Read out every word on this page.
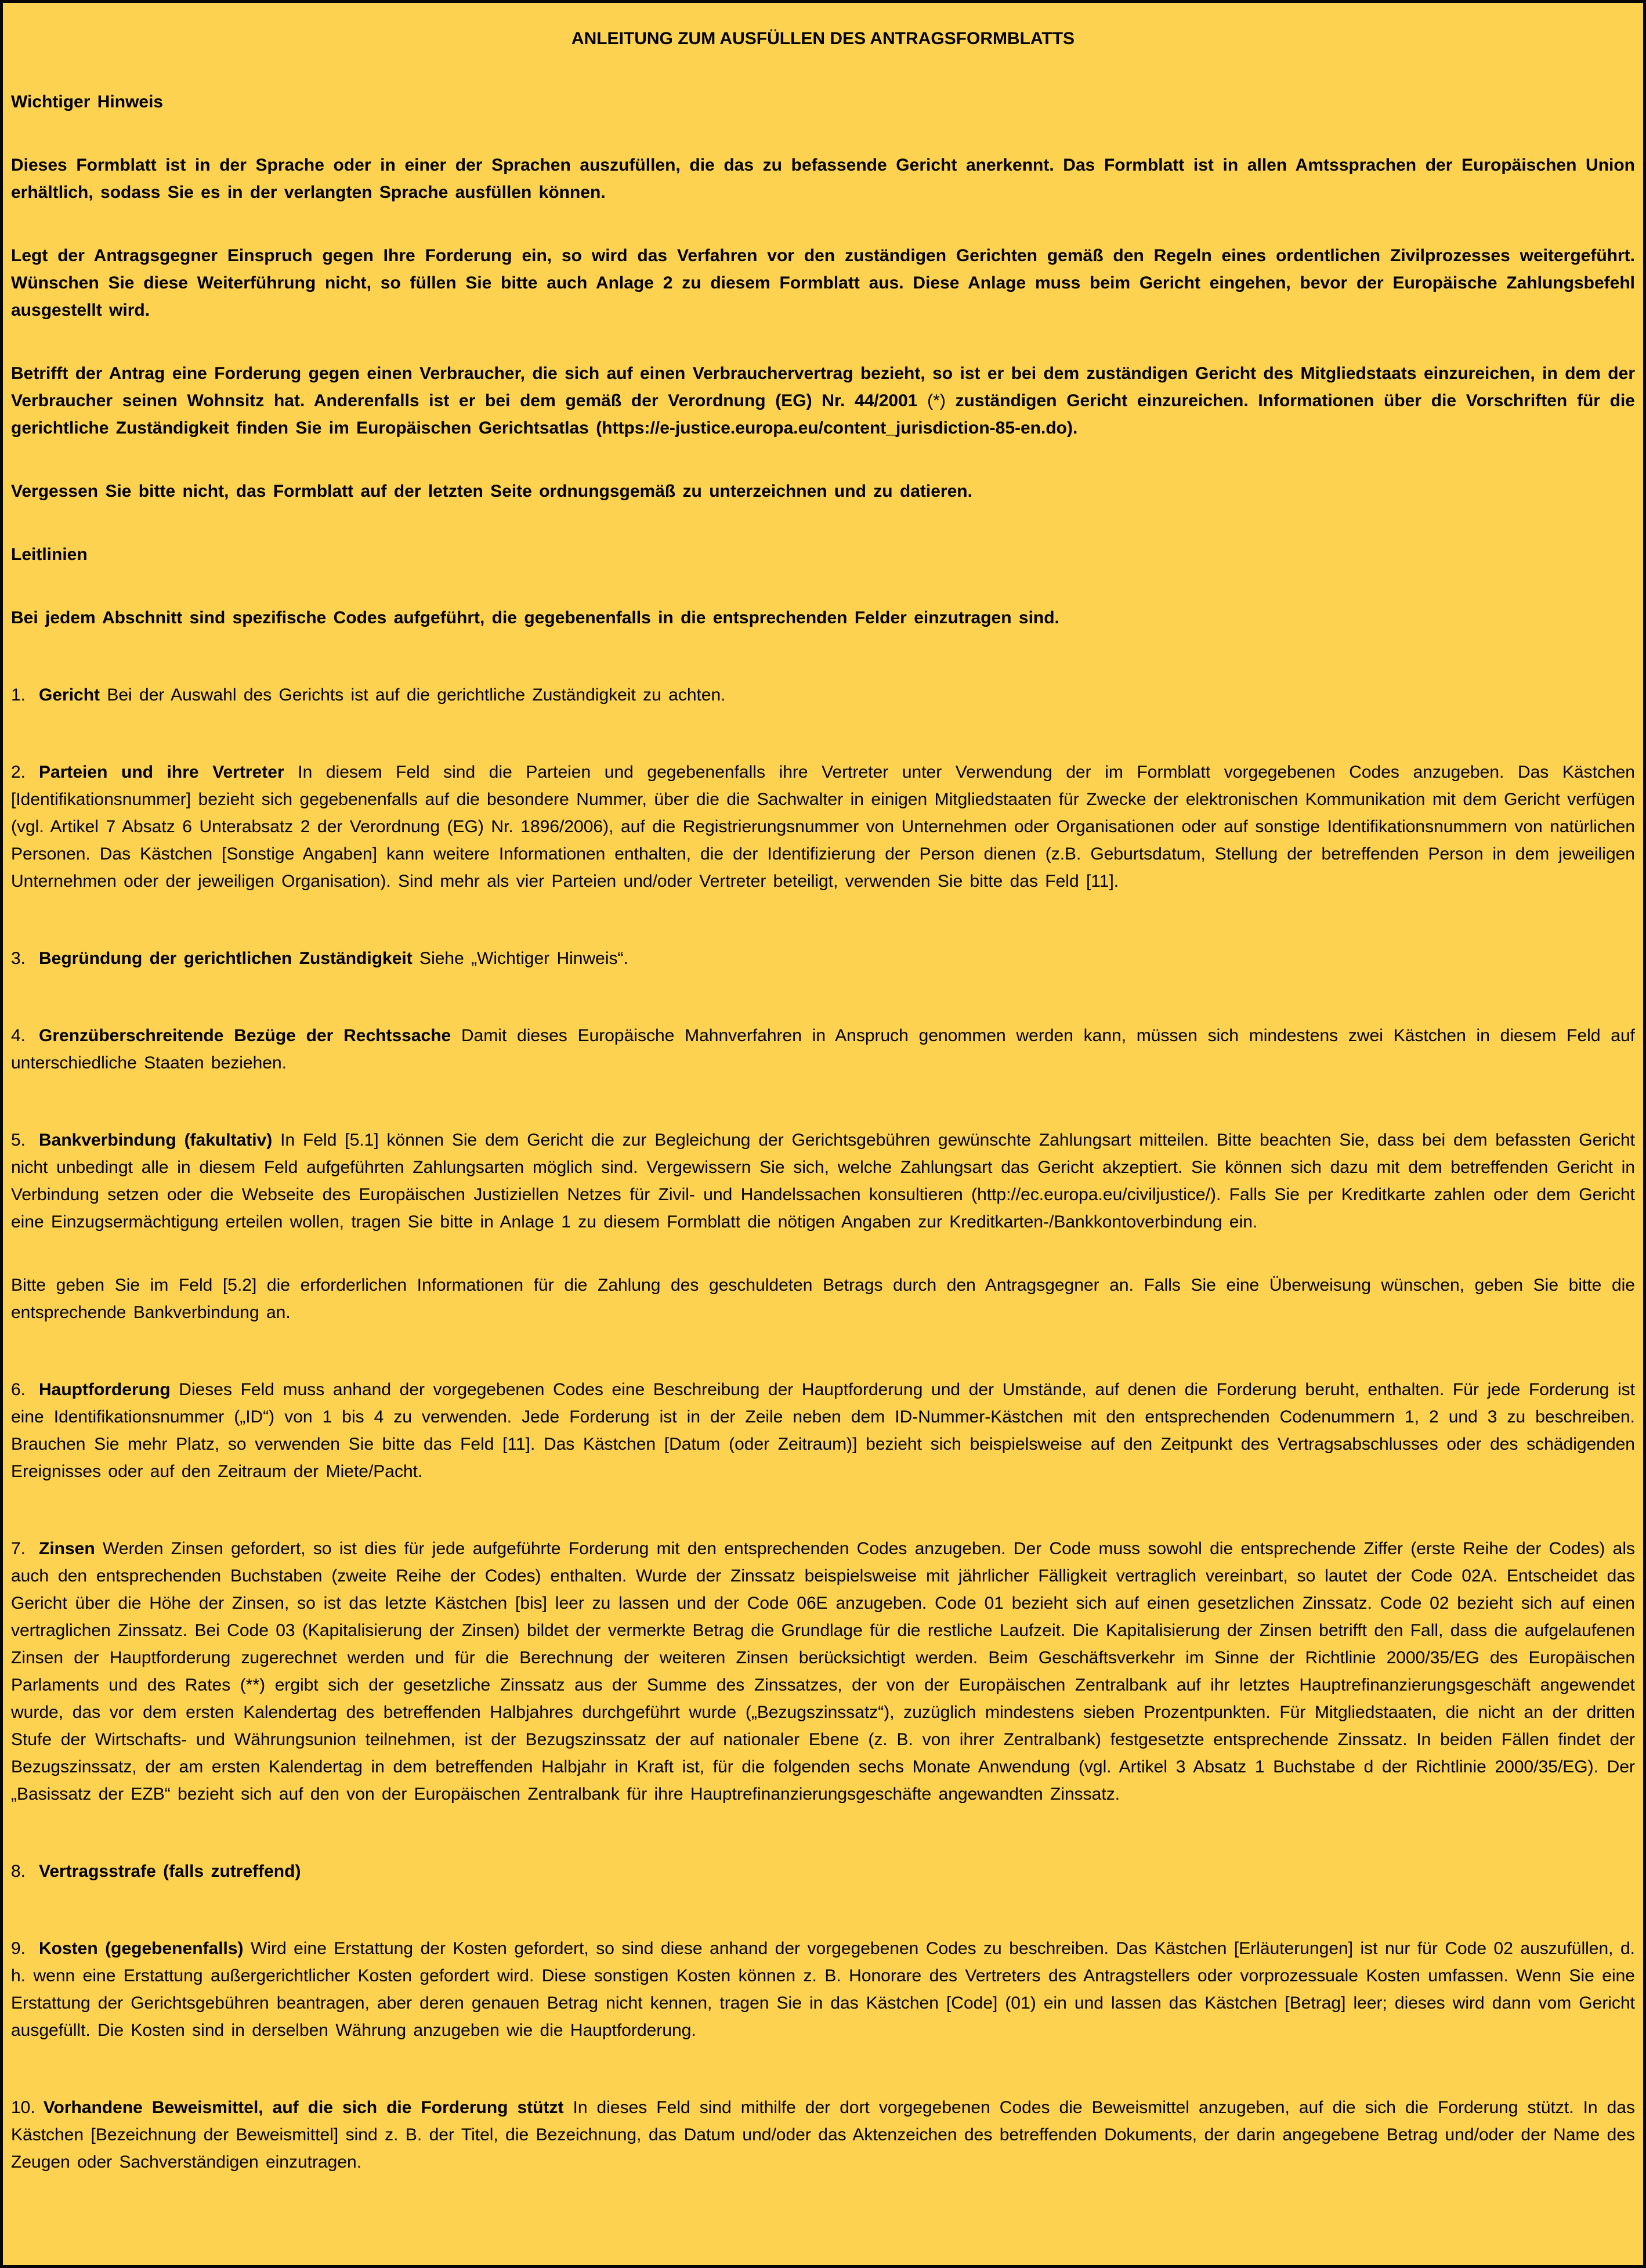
ANLEITUNG ZUM AUSFÜLLEN DES ANTRAGSFORMBLATTS

Wichtiger Hinweis

Dieses Formblatt ist in der Sprache oder in einer der Sprachen auszufüllen, die das zu befassende Gericht anerkennt. Das Formblatt ist in allen Amtssprachen der Europäischen Union erhältlich, sodass Sie es in der verlangten Sprache ausfüllen können.

Legt der Antragsgegner Einspruch gegen Ihre Forderung ein, so wird das Verfahren vor den zuständigen Gerichten gemäß den Regeln eines ordentlichen Zivilprozesses weitergeführt. Wünschen Sie diese Weiterführung nicht, so füllen Sie bitte auch Anlage 2 zu diesem Formblatt aus. Diese Anlage muss beim Gericht eingehen, bevor der Europäische Zahlungsbefehl ausgestellt wird.

Betrifft der Antrag eine Forderung gegen einen Verbraucher, die sich auf einen Verbrauchervertrag bezieht, so ist er bei dem zuständigen Gericht des Mitgliedstaats einzureichen, in dem der Verbraucher seinen Wohnsitz hat. Anderenfalls ist er bei dem gemäß der Verordnung (EG) Nr. 44/2001 (*) zuständigen Gericht einzureichen. Informationen über die Vorschriften für die gerichtliche Zuständigkeit finden Sie im Europäischen Gerichtsatlas (https://e-justice.europa.eu/content_jurisdiction-85-en.do).

Vergessen Sie bitte nicht, das Formblatt auf der letzten Seite ordnungsgemäß zu unterzeichnen und zu datieren.

Leitlinien

Bei jedem Abschnitt sind spezifische Codes aufgeführt, die gegebenenfalls in die entsprechenden Felder einzutragen sind.

1. Gericht Bei der Auswahl des Gerichts ist auf die gerichtliche Zuständigkeit zu achten.
2. Parteien und ihre Vertreter In diesem Feld sind die Parteien und gegebenenfalls ihre Vertreter unter Verwendung der im Formblatt vorgegebenen Codes anzugeben. Das Kästchen [Identifikationsnummer] bezieht sich gegebenenfalls auf die besondere Nummer, über die die Sachwalter in einigen Mitgliedstaaten für Zwecke der elektronischen Kommunikation mit dem Gericht verfügen (vgl. Artikel 7 Absatz 6 Unterabsatz 2 der Verordnung (EG) Nr. 1896/2006), auf die Registrierungsnummer von Unternehmen oder Organisationen oder auf sonstige Identifikationsnummern von natürlichen Personen. Das Kästchen [Sonstige Angaben] kann weitere Informationen enthalten, die der Identifizierung der Person dienen (z.B. Geburtsdatum, Stellung der betreffenden Person in dem jeweiligen Unternehmen oder der jeweiligen Organisation). Sind mehr als vier Parteien und/oder Vertreter beteiligt, verwenden Sie bitte das Feld [11].
3. Begründung der gerichtlichen Zuständigkeit Siehe „Wichtiger Hinweis“.
4. Grenzüberschreitende Bezüge der Rechtssache Damit dieses Europäische Mahnverfahren in Anspruch genommen werden kann, müssen sich mindestens zwei Kästchen in diesem Feld auf unterschiedliche Staaten beziehen.
5. Bankverbindung (fakultativ) In Feld [5.1] können Sie dem Gericht die zur Begleichung der Gerichtsgebühren gewünschte Zahlungsart mitteilen. Bitte beachten Sie, dass bei dem befassten Gericht nicht unbedingt alle in diesem Feld aufgeführten Zahlungsarten möglich sind. Vergewissern Sie sich, welche Zahlungsart das Gericht akzeptiert. Sie können sich dazu mit dem betreffenden Gericht in Verbindung setzen oder die Webseite des Europäischen Justiziellen Netzes für Zivil- und Handelssachen konsultieren (http://ec.europa.eu/civiljustice/). Falls Sie per Kreditkarte zahlen oder dem Gericht eine Einzugsermächtigung erteilen wollen, tragen Sie bitte in Anlage 1 zu diesem Formblatt die nötigen Angaben zur Kreditkarten-/Bankkontoverbindung ein.

Bitte geben Sie im Feld [5.2] die erforderlichen Informationen für die Zahlung des geschuldeten Betrags durch den Antragsgegner an. Falls Sie eine Überweisung wünschen, geben Sie bitte die entsprechende Bankverbindung an.

6. Hauptforderung Dieses Feld muss anhand der vorgegebenen Codes eine Beschreibung der Hauptforderung und der Umstände, auf denen die Forderung beruht, enthalten. Für jede Forderung ist eine Identifikationsnummer („ID“) von 1 bis 4 zu verwenden. Jede Forderung ist in der Zeile neben dem ID-Nummer-Kästchen mit den entsprechenden Codenummern 1, 2 und 3 zu beschreiben. Brauchen Sie mehr Platz, so verwenden Sie bitte das Feld [11]. Das Kästchen [Datum (oder Zeitraum)] bezieht sich beispielsweise auf den Zeitpunkt des Vertragsabschlusses oder des schädigenden Ereignisses oder auf den Zeitraum der Miete/Pacht.
7. Zinsen Werden Zinsen gefordert, so ist dies für jede aufgeführte Forderung mit den entsprechenden Codes anzugeben. Der Code muss sowohl die entsprechende Ziffer (erste Reihe der Codes) als auch den entsprechenden Buchstaben (zweite Reihe der Codes) enthalten. Wurde der Zinssatz beispielsweise mit jährlicher Fälligkeit vertraglich vereinbart, so lautet der Code 02A. Entscheidet das Gericht über die Höhe der Zinsen, so ist das letzte Kästchen [bis] leer zu lassen und der Code 06E anzugeben. Code 01 bezieht sich auf einen gesetzlichen Zinssatz. Code 02 bezieht sich auf einen vertraglichen Zinssatz. Bei Code 03 (Kapitalisierung der Zinsen) bildet der vermerkte Betrag die Grundlage für die restliche Laufzeit. Die Kapitalisierung der Zinsen betrifft den Fall, dass die aufgelaufenen Zinsen der Hauptforderung zugerechnet werden und für die Berechnung der weiteren Zinsen berücksichtigt werden. Beim Geschäftsverkehr im Sinne der Richtlinie 2000/35/EG des Europäischen Parlaments und des Rates (**) ergibt sich der gesetzliche Zinssatz aus der Summe des Zinssatzes, der von der Europäischen Zentralbank auf ihr letztes Hauptrefinanzierungsgeschäft angewendet wurde, das vor dem ersten Kalendertag des betreffenden Halbjahres durchgeführt wurde („Bezugszinssatz“), zuzüglich mindestens sieben Prozentpunkten. Für Mitgliedstaaten, die nicht an der dritten Stufe der Wirtschafts- und Währungsunion teilnehmen, ist der Bezugszinssatz der auf nationaler Ebene (z. B. von ihrer Zentralbank) festgesetzte entsprechende Zinssatz. In beiden Fällen findet der Bezugszinssatz, der am ersten Kalendertag in dem betreffenden Halbjahr in Kraft ist, für die folgenden sechs Monate Anwendung (vgl. Artikel 3 Absatz 1 Buchstabe d der Richtlinie 2000/35/EG). Der „Basissatz der EZB“ bezieht sich auf den von der Europäischen Zentralbank für ihre Hauptrefinanzierungsgeschäfte angewandten Zinssatz.
8. Vertragsstrafe (falls zutreffend)
9. Kosten (gegebenenfalls) Wird eine Erstattung der Kosten gefordert, so sind diese anhand der vorgegebenen Codes zu beschreiben. Das Kästchen [Erläuterungen] ist nur für Code 02 auszufüllen, d. h. wenn eine Erstattung außergerichtlicher Kosten gefordert wird. Diese sonstigen Kosten können z. B. Honorare des Vertreters des Antragstellers oder vorprozessuale Kosten umfassen. Wenn Sie eine Erstattung der Gerichtsgebühren beantragen, aber deren genauen Betrag nicht kennen, tragen Sie in das Kästchen [Code] (01) ein und lassen das Kästchen [Betrag] leer; dieses wird dann vom Gericht ausgefüllt. Die Kosten sind in derselben Währung anzugeben wie die Hauptforderung.
10. Vorhandene Beweismittel, auf die sich die Forderung stützt In dieses Feld sind mithilfe der dort vorgegebenen Codes die Beweismittel anzugeben, auf die sich die Forderung stützt. In das Kästchen [Bezeichnung der Beweismittel] sind z. B. der Titel, die Bezeichnung, das Datum und/oder das Aktenzeichen des betreffenden Dokuments, der darin angegebene Betrag und/oder der Name des Zeugen oder Sachverständigen einzutragen.
